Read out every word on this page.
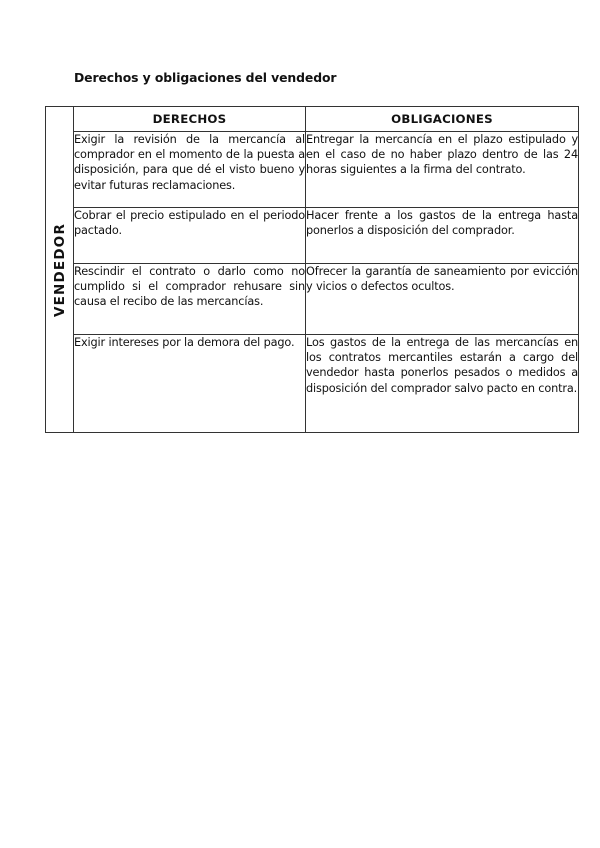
Derechos y obligaciones del vendedor
VENDEDOR	DERECHOS	OBLIGACIONES
	Exigir la revisión de la mercancía al comprador en el momento de la puesta a disposición, para que dé el visto bueno y evitar futuras reclamaciones.	Entregar la mercancía en el plazo estipulado y en el caso de no haber plazo dentro de las 24 horas siguientes a la firma del contrato.
	Cobrar el precio estipulado en el periodo pactado.	Hacer frente a los gastos de la entrega hasta ponerlos a disposición del comprador.
	Rescindir el contrato o darlo como no cumplido si el comprador rehusare sin causa el recibo de las mercancías.	Ofrecer la garantía de saneamiento por evicción y vicios o defectos ocultos.
	Exigir intereses por la demora del pago.	Los gastos de la entrega de las mercancías en los contratos mercantiles estarán a cargo del vendedor hasta ponerlos pesados o medidos a disposición del comprador salvo pacto en contra.
